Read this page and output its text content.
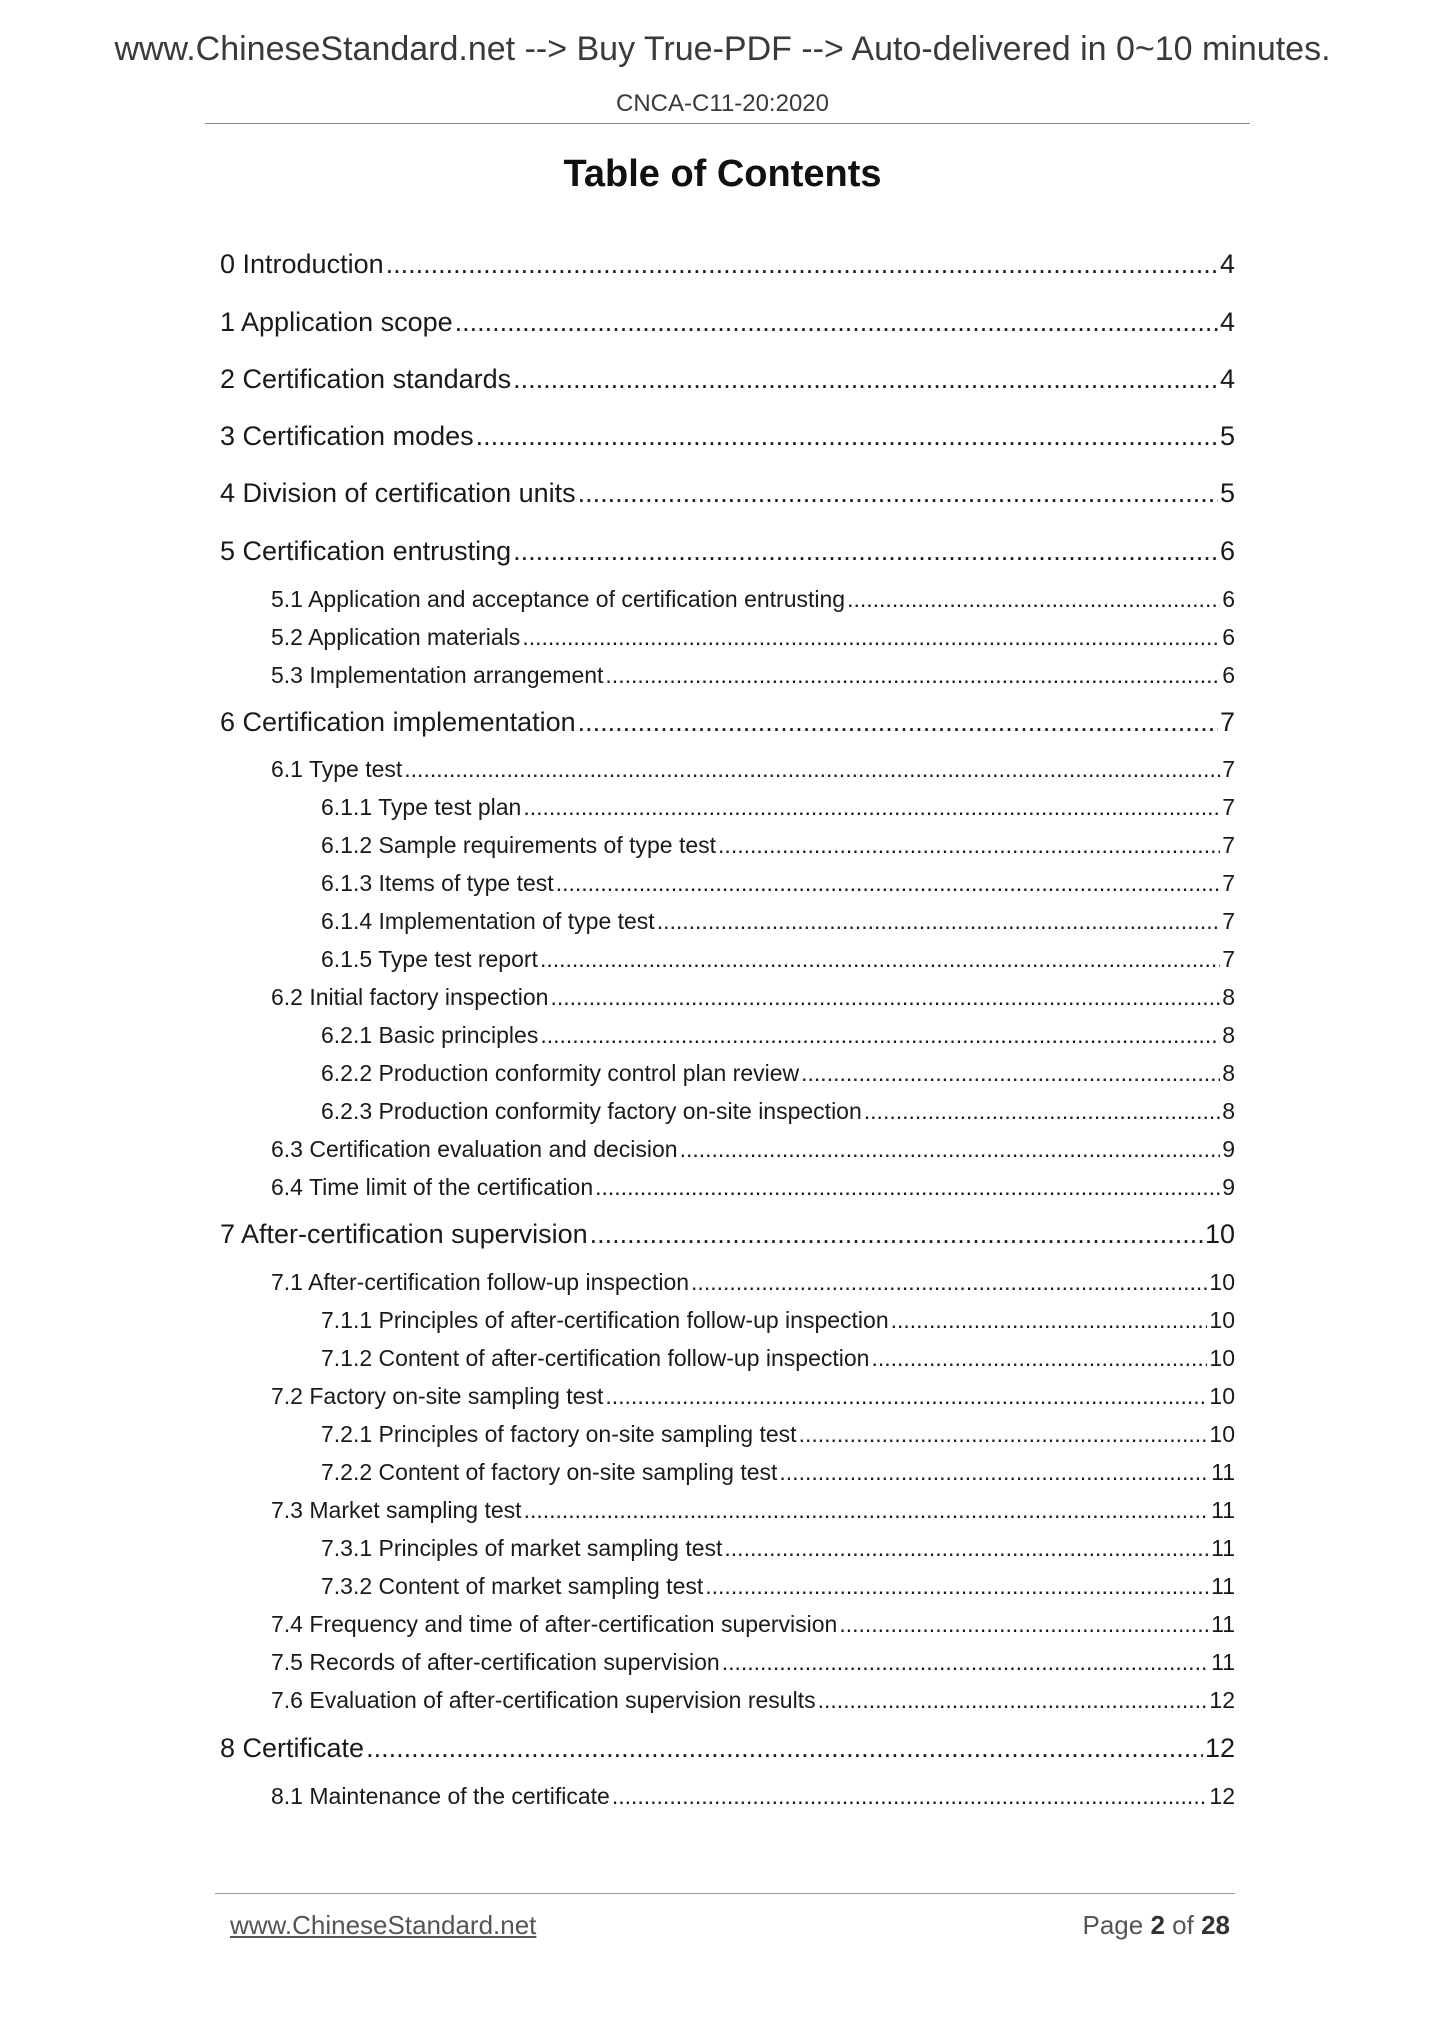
www.ChineseStandard.net --> Buy True-PDF --> Auto-delivered in 0~10 minutes.
CNCA-C11-20:2020
Table of Contents
0 Introduction .....	4
1 Application scope .....	4
2 Certification standards .....	4
3 Certification modes .....	5
4 Division of certification units .....	5
5 Certification entrusting .....	6
5.1 Application and acceptance of certification entrusting .....	6
5.2 Application materials .....	6
5.3 Implementation arrangement .....	6
6 Certification implementation .....	7
6.1 Type test .....	7
6.1.1 Type test plan .....	7
6.1.2 Sample requirements of type test .....	7
6.1.3 Items of type test .....	7
6.1.4 Implementation of type test .....	7
6.1.5 Type test report .....	7
6.2 Initial factory inspection .....	8
6.2.1 Basic principles .....	8
6.2.2 Production conformity control plan review .....	8
6.2.3 Production conformity factory on-site inspection .....	8
6.3 Certification evaluation and decision .....	9
6.4 Time limit of the certification .....	9
7 After-certification supervision .....	10
7.1 After-certification follow-up inspection .....	10
7.1.1 Principles of after-certification follow-up inspection .....	10
7.1.2 Content of after-certification follow-up inspection .....	10
7.2 Factory on-site sampling test .....	10
7.2.1 Principles of factory on-site sampling test .....	10
7.2.2 Content of factory on-site sampling test .....	11
7.3 Market sampling test .....	11
7.3.1 Principles of market sampling test .....	11
7.3.2 Content of market sampling test .....	11
7.4 Frequency and time of after-certification supervision .....	11
7.5 Records of after-certification supervision .....	11
7.6 Evaluation of after-certification supervision results .....	12
8 Certificate .....	12
8.1 Maintenance of the certificate .....	12
www.ChineseStandard.net	Page 2 of 28
